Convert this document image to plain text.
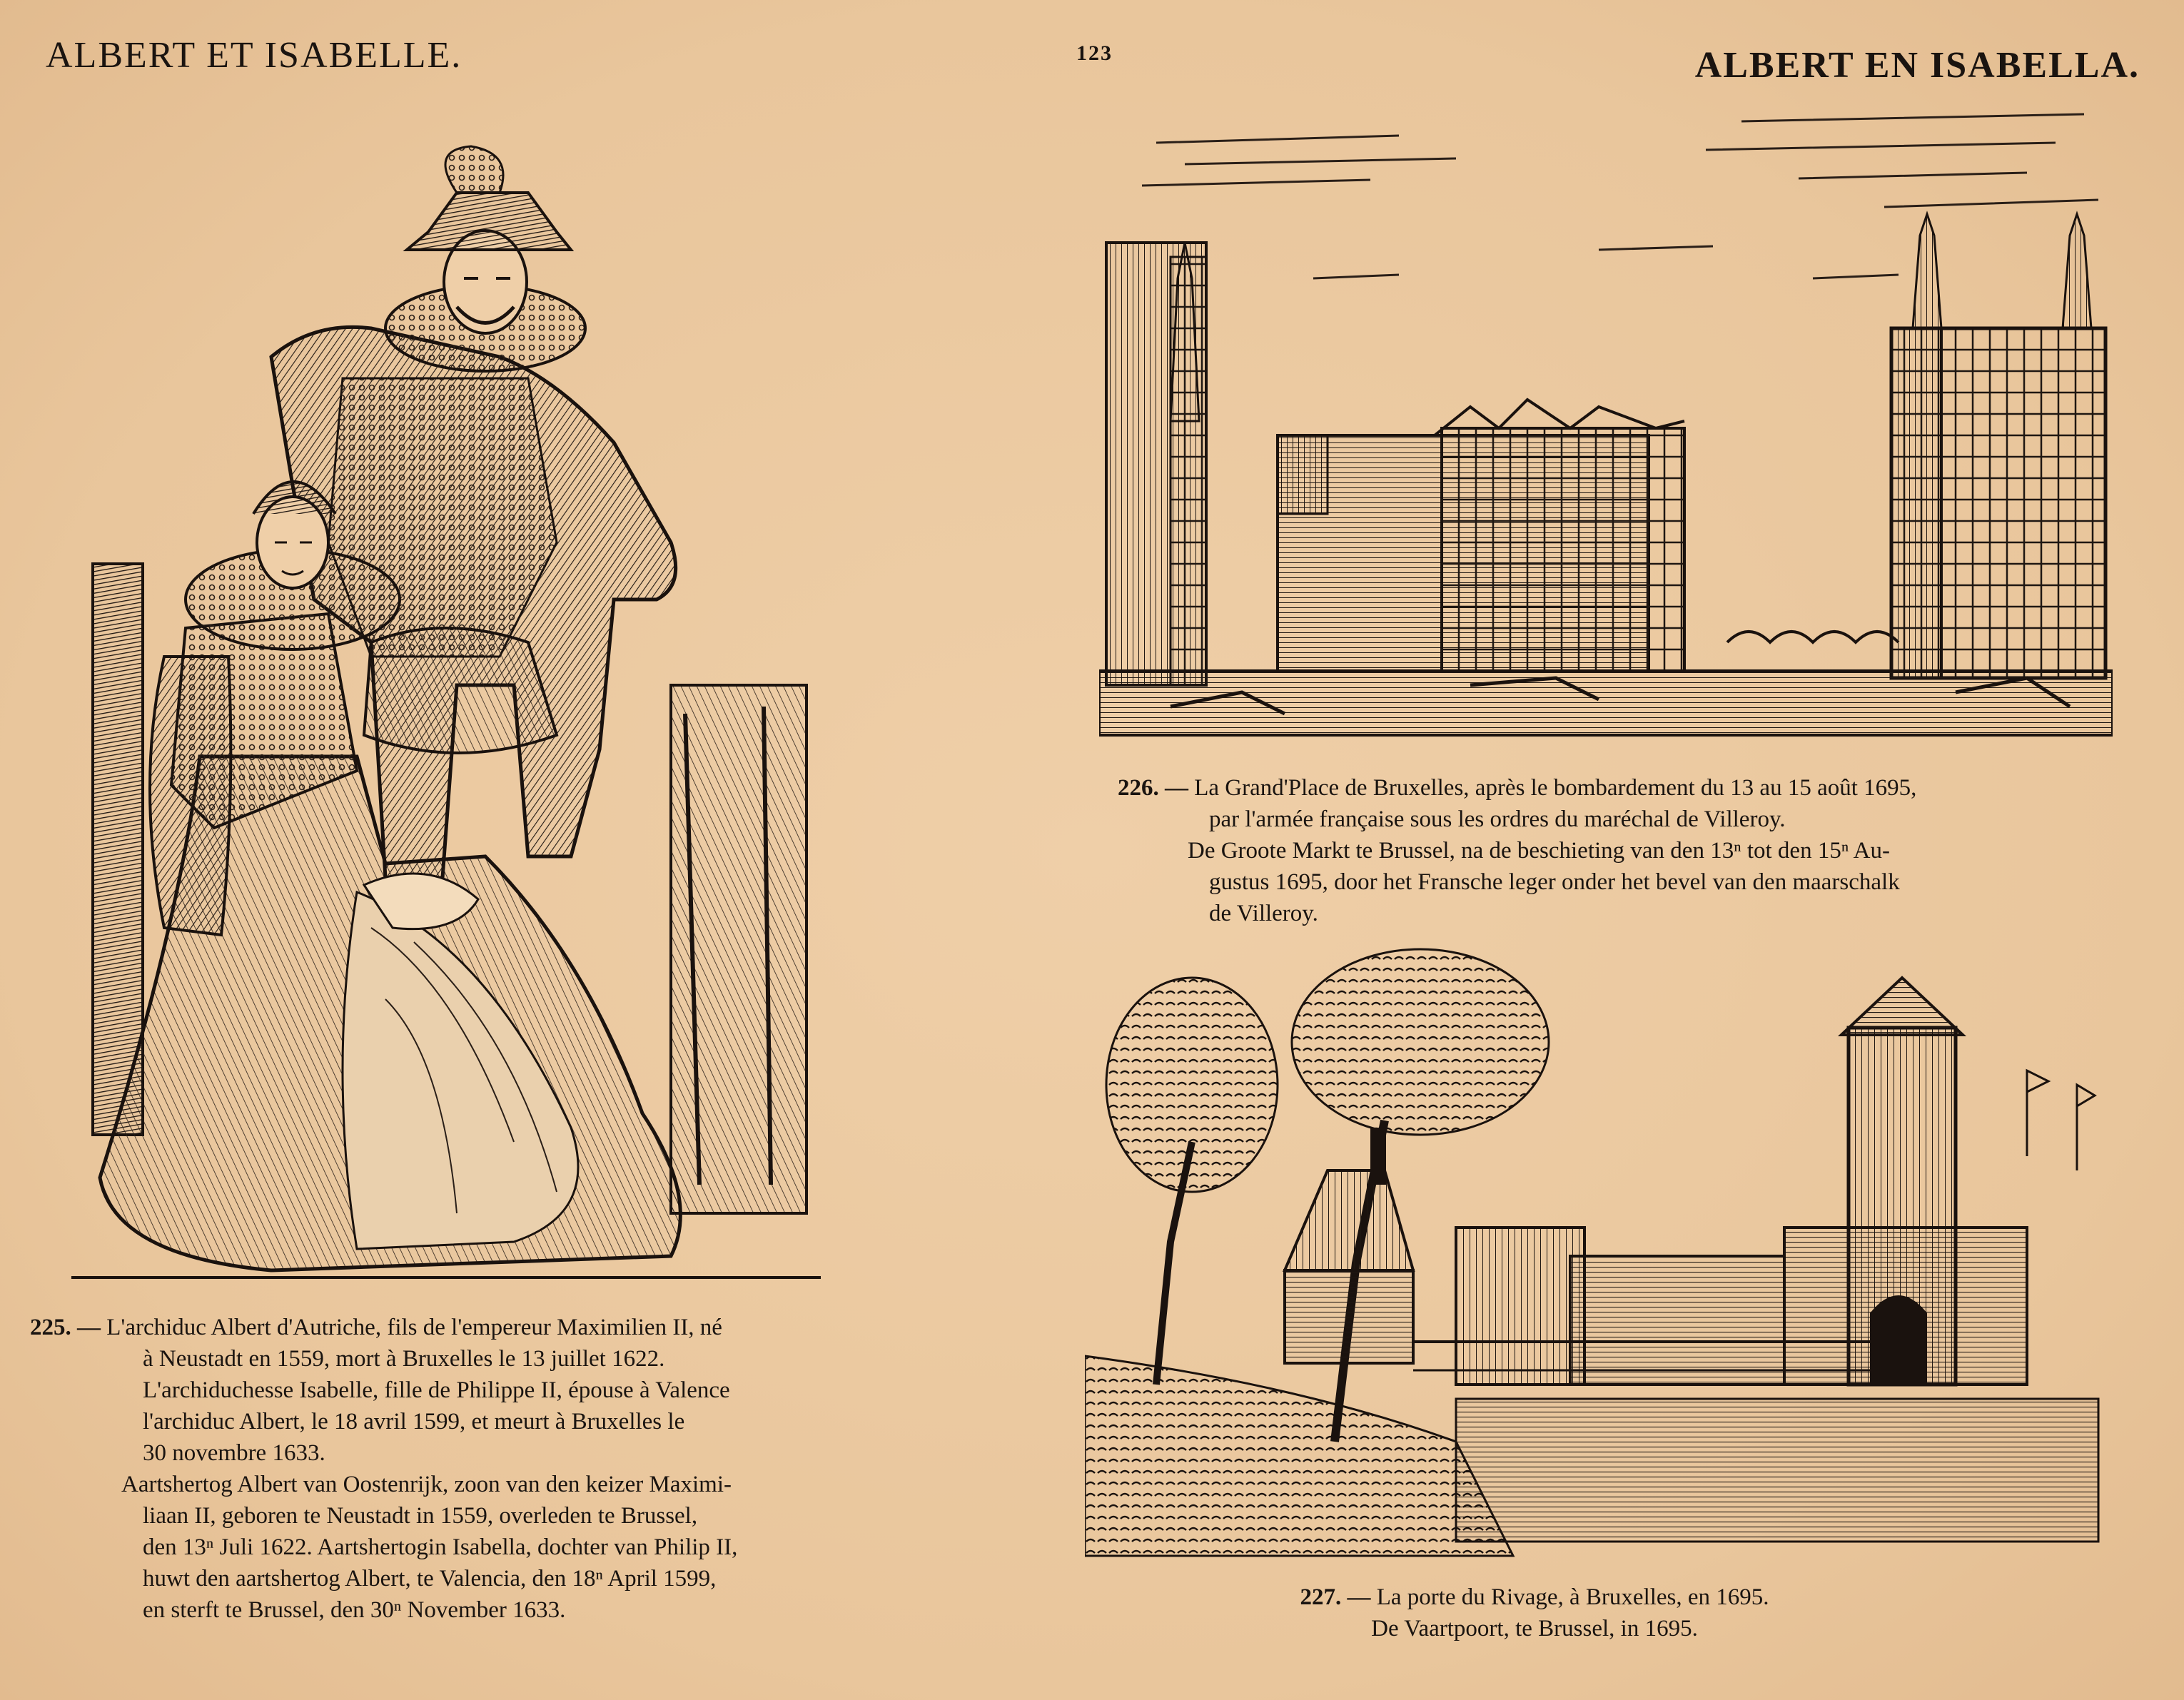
ALBERT ET ISABELLE.	123	ALBERT EN ISABELLA.

226. — La Grand'Place de Bruxelles, après le bombardement du 13 au 15 août 1695,

par l'armée française sous les ordres du maréchal de Villeroy.

De Groote Markt te Brussel, na de beschieting van den 13ⁿ tot den 15ⁿ Au-

gustus 1695, door het Fransche leger onder het bevel van den maarschalk

de Villeroy.

225. — L'archiduc Albert d'Autriche, fils de l'empereur Maximilien II, né

à Neustadt en 1559, mort à Bruxelles le 13 juillet 1622.

L'archiduchesse Isabelle, fille de Philippe II, épouse à Valence

l'archiduc Albert, le 18 avril 1599, et meurt à Bruxelles le

30 novembre 1633.

Aartshertog Albert van Oostenrijk, zoon van den keizer Maximi-

liaan II, geboren te Neustadt in 1559, overleden te Brussel,

den 13ⁿ Juli 1622. Aartshertogin Isabella, dochter van Philip II,

huwt den aartshertog Albert, te Valencia, den 18ⁿ April 1599,

en sterft te Brussel, den 30ⁿ November 1633.	227. — La porte du Rivage, à Bruxelles, en 1695.

De Vaartpoort, te Brussel, in 1695.
